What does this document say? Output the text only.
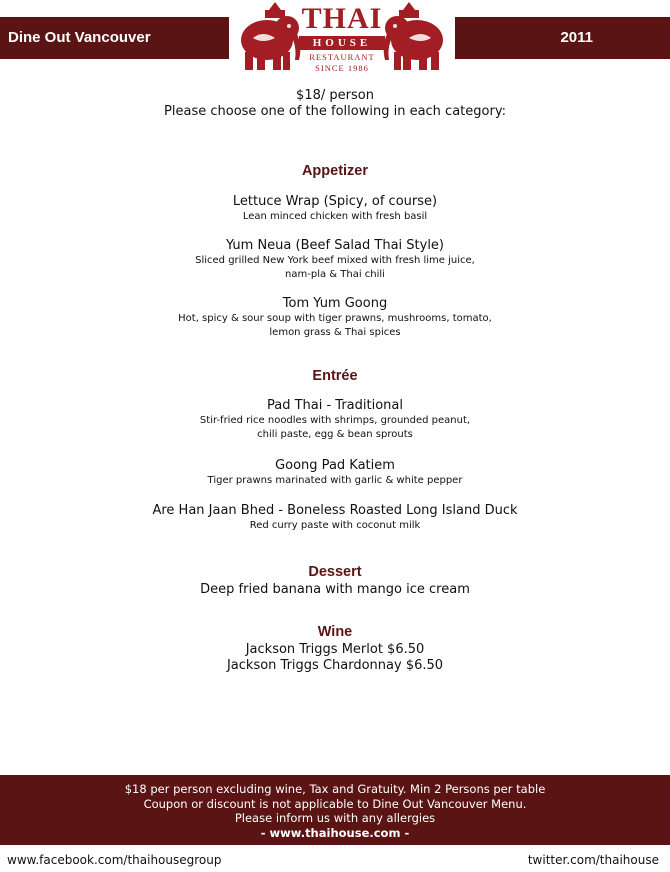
Dine Out Vancouver	2011
THAI
HOUSE
RESTAURANT
SINCE 1986
$18/ person
Please choose one of the following in each category:
Appetizer
Lettuce Wrap (Spicy, of course)
Lean minced chicken with fresh basil
Yum Neua (Beef Salad Thai Style)
Sliced grilled New York beef mixed with fresh lime juice,
nam-pla & Thai chili
Tom Yum Goong
Hot, spicy & sour soup with tiger prawns, mushrooms, tomato,
lemon grass & Thai spices
Entrée
Pad Thai - Traditional
Stir-fried rice noodles with shrimps, grounded peanut,
chili paste, egg & bean sprouts
Goong Pad Katiem
Tiger prawns marinated with garlic & white pepper
Are Han Jaan Bhed - Boneless Roasted Long Island Duck
Red curry paste with coconut milk
Dessert
Deep fried banana with mango ice cream
Wine
Jackson Triggs Merlot $6.50
Jackson Triggs Chardonnay $6.50
$18 per person excluding wine, Tax and Gratuity. Min 2 Persons per table
Coupon or discount is not applicable to Dine Out Vancouver Menu.
Please inform us with any allergies
- www.thaihouse.com -
www.facebook.com/thaihousegroup	twitter.com/thaihouse
